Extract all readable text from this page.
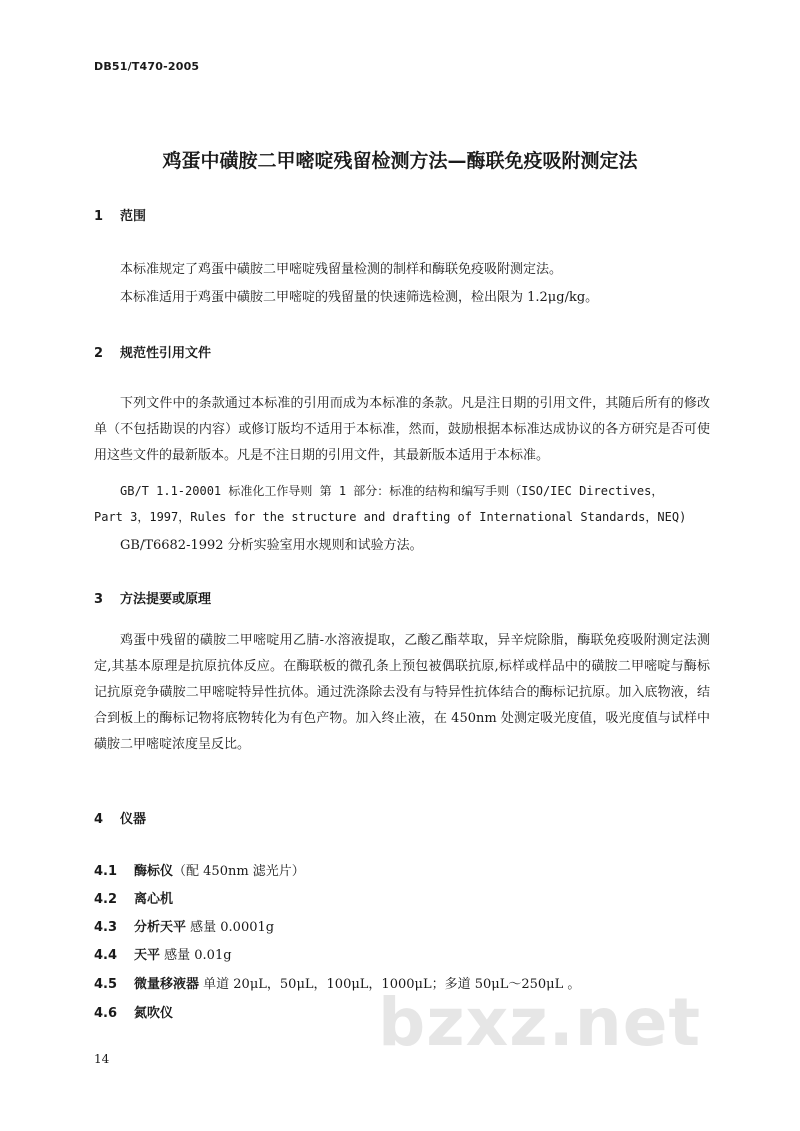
DB51/T470-2005
鸡蛋中磺胺二甲嘧啶残留检测方法—酶联免疫吸附测定法
1 范围
本标准规定了鸡蛋中磺胺二甲嘧啶残留量检测的制样和酶联免疫吸附测定法。
本标准适用于鸡蛋中磺胺二甲嘧啶的残留量的快速筛选检测，检出限为 1.2μg/kg。
2 规范性引用文件
下列文件中的条款通过本标准的引用而成为本标准的条款。凡是注日期的引用文件，其随后所有的修改单（不包括勘误的内容）或修订版均不适用于本标准，然而，鼓励根据本标准达成协议的各方研究是否可使用这些文件的最新版本。凡是不注日期的引用文件，其最新版本适用于本标准。
GB/T 1.1-20001 标准化工作导则 第 1 部分：标准的结构和编写手则（ISO/IEC Directives，
Part 3，1997，Rules for the structure and drafting of International Standards，NEQ)
GB/T6682-1992 分析实验室用水规则和试验方法。
3 方法提要或原理
鸡蛋中残留的磺胺二甲嘧啶用乙腈-水溶液提取，乙酸乙酯萃取，异辛烷除脂，酶联免疫吸附测定法测定,其基本原理是抗原抗体反应。在酶联板的微孔条上预包被偶联抗原,标样或样品中的磺胺二甲嘧啶与酶标记抗原竞争磺胺二甲嘧啶特异性抗体。通过洗涤除去没有与特异性抗体结合的酶标记抗原。加入底物液，结合到板上的酶标记物将底物转化为有色产物。加入终止液，在 450nm 处测定吸光度值，吸光度值与试样中磺胺二甲嘧啶浓度呈反比。
4 仪器
4.1 酶标仪（配 450nm 滤光片）
4.2 离心机
4.3 分析天平 感量 0.0001g
4.4 天平 感量 0.01g
4.5 微量移液器 单道 20μL，50μL，100μL，1000μL；多道 50μL～250μL 。
4.6 氮吹仪	bzxz.net
14
